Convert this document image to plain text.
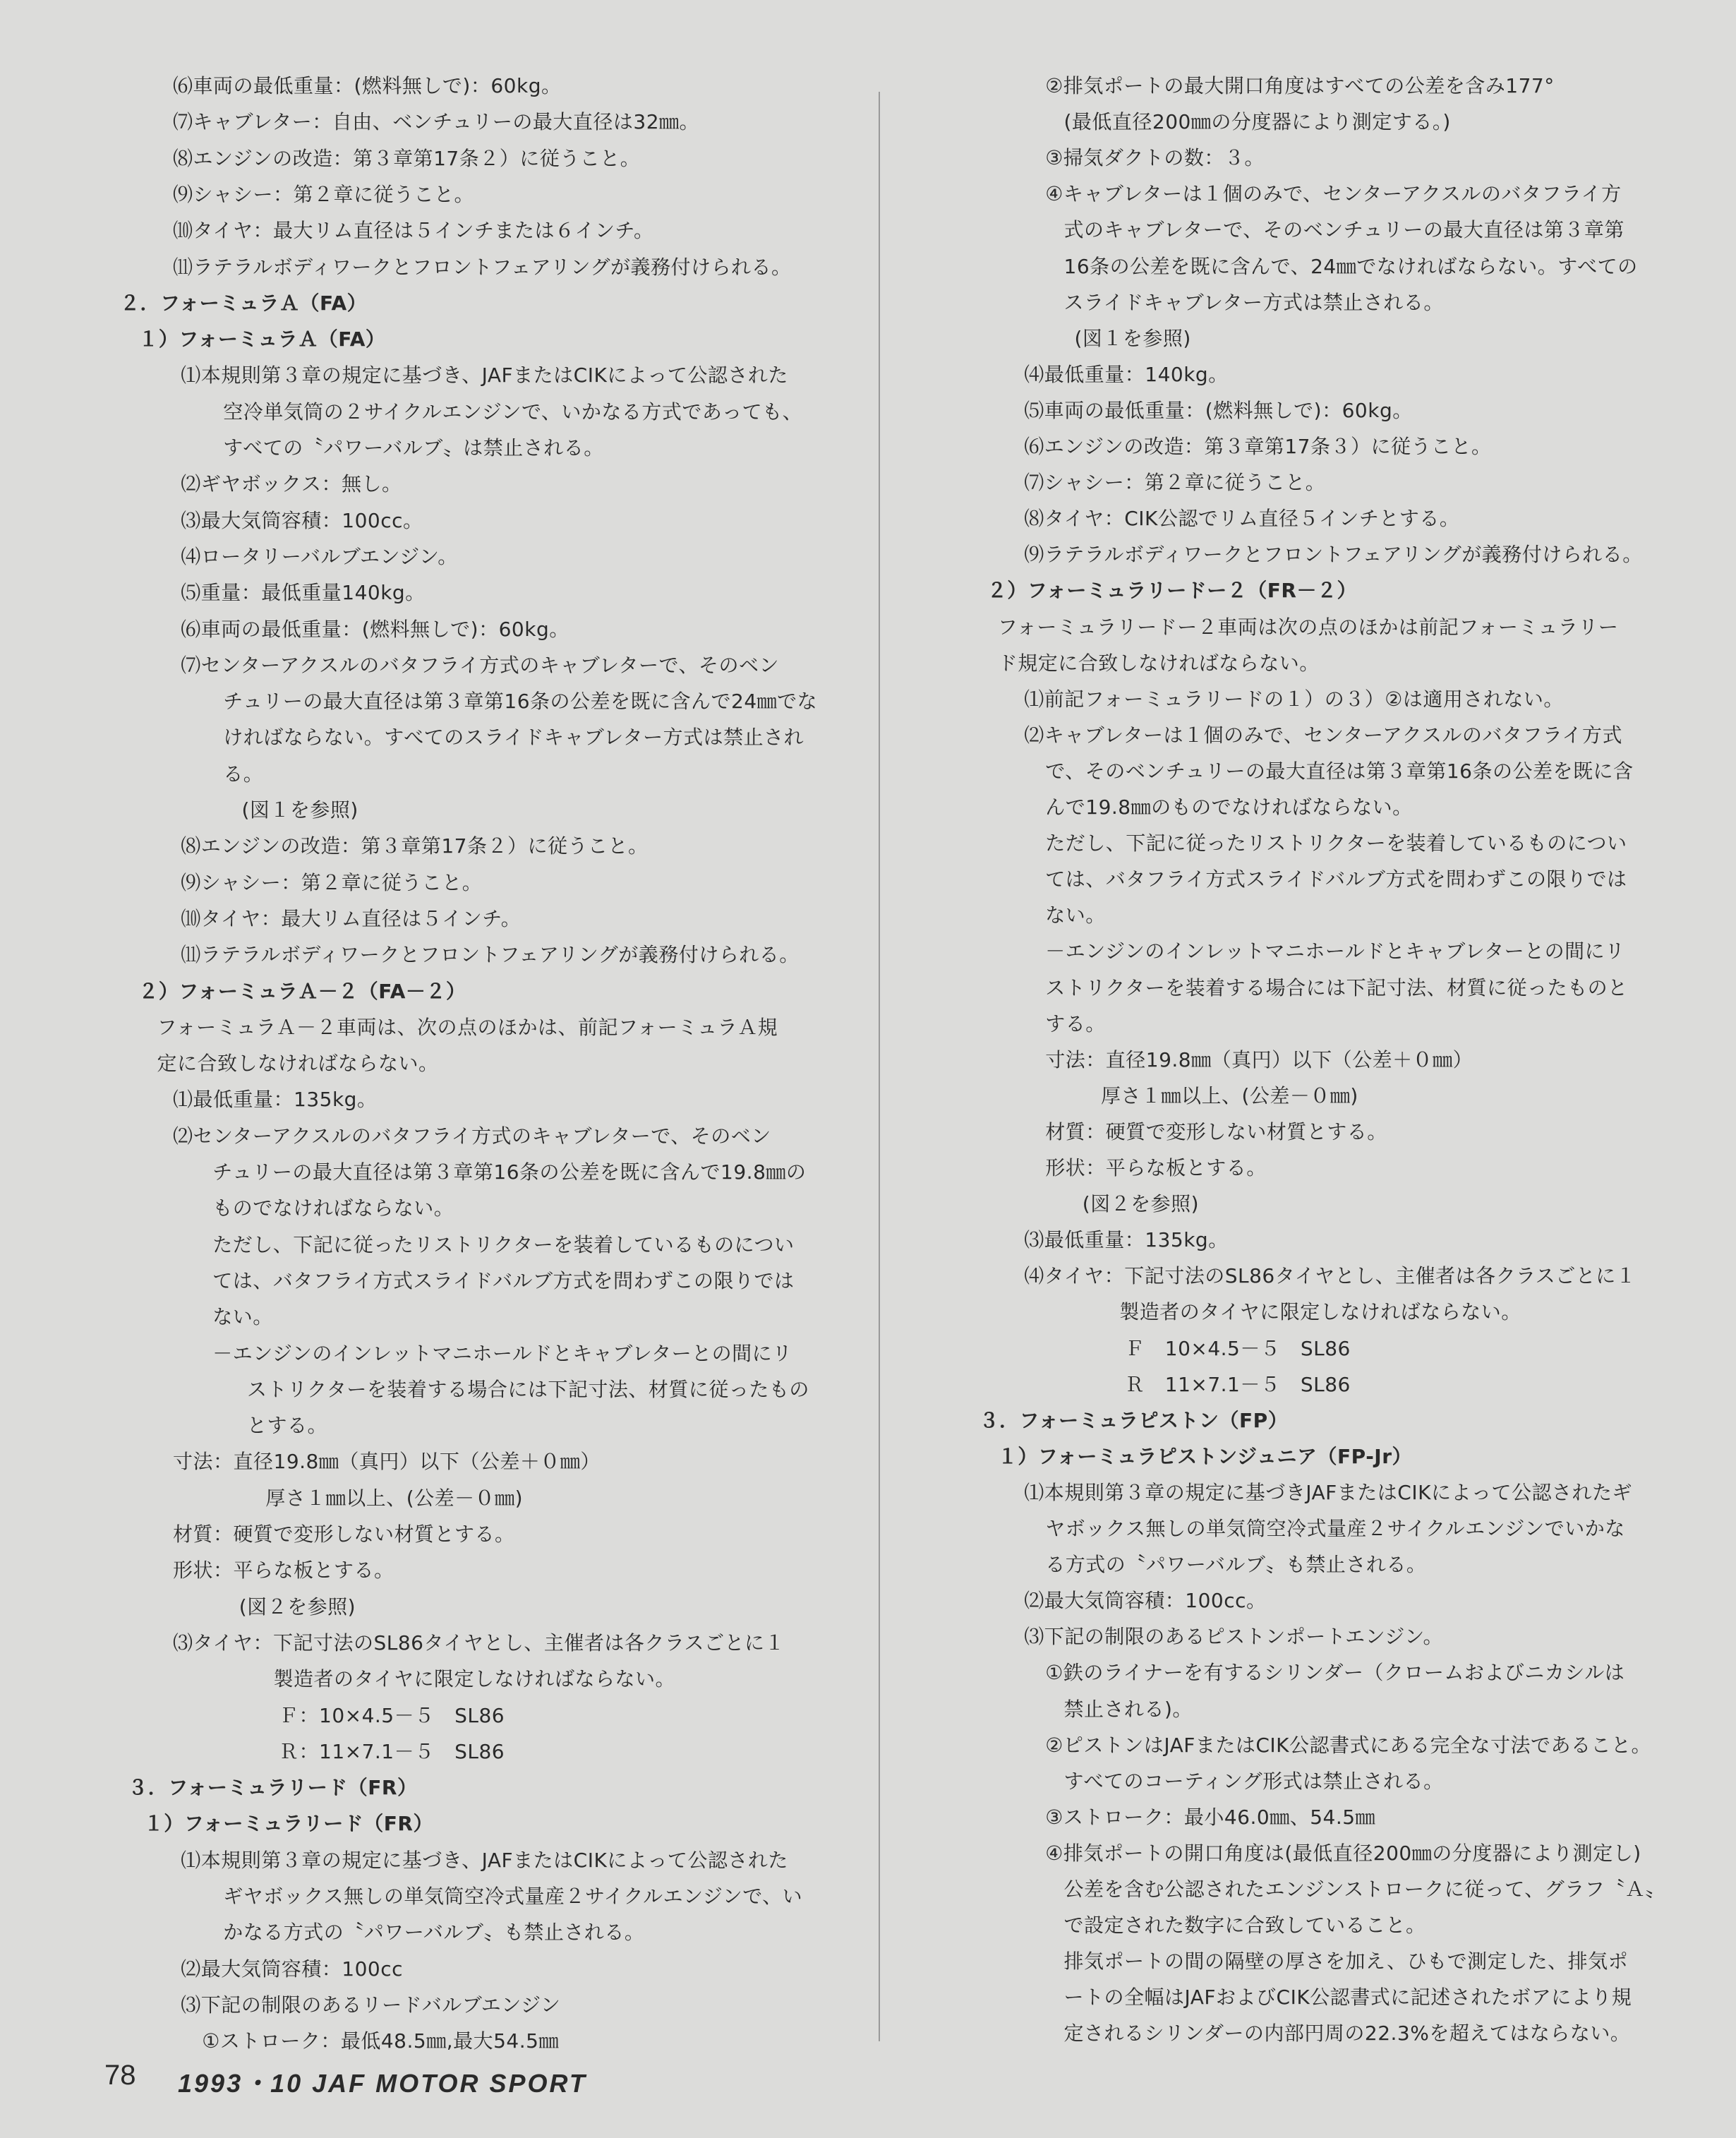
⑹車両の最低重量：(燃料無しで)：60kg。
⑺キャブレター：自由、ベンチュリーの最大直径は32㎜。
⑻エンジンの改造：第３章第17条２）に従うこと。
⑼シャシー：第２章に従うこと。
⑽タイヤ：最大リム直径は５インチまたは６インチ。
⑾ラテラルボディワークとフロントフェアリングが義務付けられる。
２．フォーミュラＡ（FA）
１）フォーミュラＡ（FA）
⑴本規則第３章の規定に基づき、JAFまたはCIKによって公認された
空冷単気筒の２サイクルエンジンで、いかなる方式であっても、
すべての〝パワーバルブ〟は禁止される。
⑵ギヤボックス：無し。
⑶最大気筒容積：100cc。
⑷ロータリーバルブエンジン。
⑸重量：最低重量140kg。
⑹車両の最低重量：(燃料無しで)：60kg。
⑺センターアクスルのバタフライ方式のキャブレターで、そのベン
チュリーの最大直径は第３章第16条の公差を既に含んで24㎜でな
ければならない。すべてのスライドキャブレター方式は禁止され
る。
(図１を参照)
⑻エンジンの改造：第３章第17条２）に従うこと。
⑼シャシー：第２章に従うこと。
⑽タイヤ：最大リム直径は５インチ。
⑾ラテラルボディワークとフロントフェアリングが義務付けられる。
２）フォーミュラＡ－２（FA－２）
フォーミュラＡ－２車両は、次の点のほかは、前記フォーミュラＡ規
定に合致しなければならない。
⑴最低重量：135kg。
⑵センターアクスルのバタフライ方式のキャブレターで、そのベン
チュリーの最大直径は第３章第16条の公差を既に含んで19.8㎜の
ものでなければならない。
ただし、下記に従ったリストリクターを装着しているものについ
ては、バタフライ方式スライドバルブ方式を問わずこの限りでは
ない。
－エンジンのインレットマニホールドとキャブレターとの間にリ
ストリクターを装着する場合には下記寸法、材質に従ったもの
とする。
寸法：直径19.8㎜（真円）以下（公差＋０㎜）
厚さ１㎜以上、(公差－０㎜)
材質：硬質で変形しない材質とする。
形状：平らな板とする。
(図２を参照)
⑶タイヤ：下記寸法のSL86タイヤとし、主催者は各クラスごとに１
製造者のタイヤに限定しなければならない。
Ｆ：10×4.5－５　SL86
Ｒ：11×7.1－５　SL86
３．フォーミュラリード（FR）
１）フォーミュラリード（FR）
⑴本規則第３章の規定に基づき、JAFまたはCIKによって公認された
ギヤボックス無しの単気筒空冷式量産２サイクルエンジンで、い
かなる方式の〝パワーバルブ〟も禁止される。
⑵最大気筒容積：100cc
⑶下記の制限のあるリードバルブエンジン
①ストローク：最低48.5㎜,最大54.5㎜
②排気ポートの最大開口角度はすべての公差を含み177°
(最低直径200㎜の分度器により測定する。)
③掃気ダクトの数：３。
④キャブレターは１個のみで、センターアクスルのバタフライ方
式のキャブレターで、そのベンチュリーの最大直径は第３章第
16条の公差を既に含んで、24㎜でなければならない。すべての
スライドキャブレター方式は禁止される。
(図１を参照)
⑷最低重量：140kg。
⑸車両の最低重量：(燃料無しで)：60kg。
⑹エンジンの改造：第３章第17条３）に従うこと。
⑺シャシー：第２章に従うこと。
⑻タイヤ：CIK公認でリム直径５インチとする。
⑼ラテラルボディワークとフロントフェアリングが義務付けられる。
２）フォーミュラリードー２（FR－２）
フォーミュラリードー２車両は次の点のほかは前記フォーミュラリー
ド規定に合致しなければならない。
⑴前記フォーミュラリードの１）の３）②は適用されない。
⑵キャブレターは１個のみで、センターアクスルのバタフライ方式
で、そのベンチュリーの最大直径は第３章第16条の公差を既に含
んで19.8㎜のものでなければならない。
ただし、下記に従ったリストリクターを装着しているものについ
ては、バタフライ方式スライドバルブ方式を問わずこの限りでは
ない。
－エンジンのインレットマニホールドとキャブレターとの間にリ
ストリクターを装着する場合には下記寸法、材質に従ったものと
する。
寸法：直径19.8㎜（真円）以下（公差＋０㎜）
厚さ１㎜以上、(公差－０㎜)
材質：硬質で変形しない材質とする。
形状：平らな板とする。
(図２を参照)
⑶最低重量：135kg。
⑷タイヤ：下記寸法のSL86タイヤとし、主催者は各クラスごとに１
製造者のタイヤに限定しなければならない。
Ｆ　10×4.5－５　SL86
Ｒ　11×7.1－５　SL86
３．フォーミュラピストン（FP）
１）フォーミュラピストンジュニア（FP-Jr）
⑴本規則第３章の規定に基づきJAFまたはCIKによって公認されたギ
ヤボックス無しの単気筒空冷式量産２サイクルエンジンでいかな
る方式の〝パワーバルブ〟も禁止される。
⑵最大気筒容積：100cc。
⑶下記の制限のあるピストンポートエンジン。
①鉄のライナーを有するシリンダー（クロームおよびニカシルは
禁止される)。
②ピストンはJAFまたはCIK公認書式にある完全な寸法であること。
すべてのコーティング形式は禁止される。
③ストローク：最小46.0㎜、54.5㎜
④排気ポートの開口角度は(最低直径200㎜の分度器により測定し)
公差を含む公認されたエンジンストロークに従って、グラフ〝Ａ〟
で設定された数字に合致していること。
排気ポートの間の隔壁の厚さを加え、ひもで測定した、排気ポ
ートの全幅はJAFおよびCIK公認書式に記述されたボアにより規
定されるシリンダーの内部円周の22.3%を超えてはならない。
78 1993・10 JAF MOTOR SPORT
